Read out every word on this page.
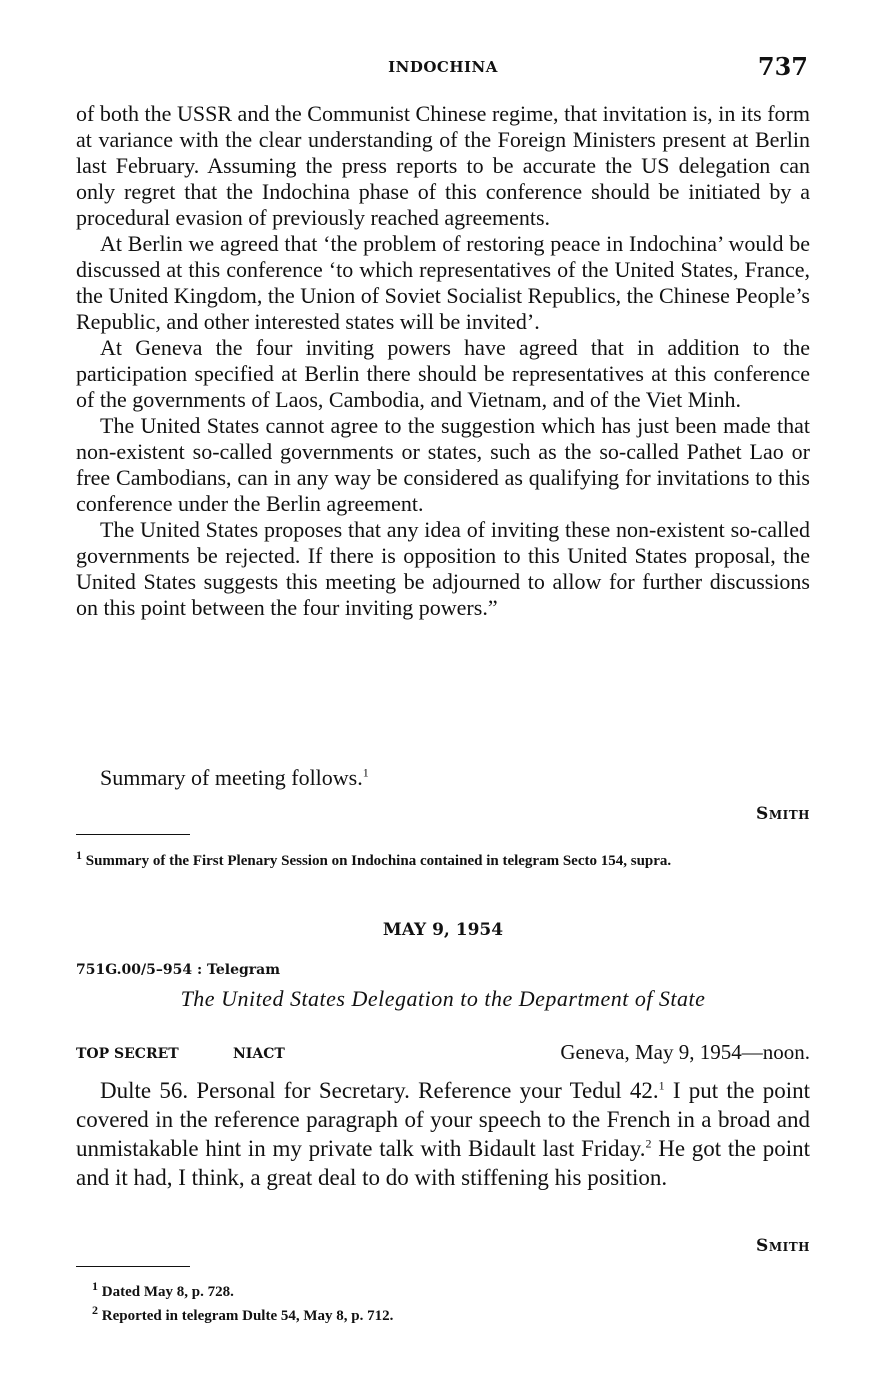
INDOCHINA	737

of both the USSR and the Communist Chinese regime, that invitation is, in its form at variance with the clear understanding of the Foreign Ministers present at Berlin last February. Assuming the press reports to be accurate the US delegation can only regret that the Indochina phase of this conference should be initiated by a procedural evasion of previously reached agreements.

At Berlin we agreed that ‘the problem of restoring peace in Indochina’ would be discussed at this conference ‘to which representatives of the United States, France, the United Kingdom, the Union of Soviet Socialist Republics, the Chinese People’s Republic, and other interested states will be invited’.

At Geneva the four inviting powers have agreed that in addition to the participation specified at Berlin there should be representatives at this conference of the governments of Laos, Cambodia, and Vietnam, and of the Viet Minh.

The United States cannot agree to the suggestion which has just been made that non-existent so-called governments or states, such as the so-called Pathet Lao or free Cambodians, can in any way be considered as qualifying for invitations to this conference under the Berlin agreement.

The United States proposes that any idea of inviting these non-existent so-called governments be rejected. If there is opposition to this United States proposal, the United States suggests this meeting be adjourned to allow for further discussions on this point between the four inviting powers.”

Summary of meeting follows.$^1$
Smith
$^1$ Summary of the First Plenary Session on Indochina contained in telegram Secto 154, supra.
MAY 9, 1954
751G.00/5–954 : Telegram
The United States Delegation to the Department of State
TOP SECRET	NIACT	Geneva, May 9, 1954—noon.

Dulte 56. Personal for Secretary. Reference your Tedul 42.$^1$ I put the point covered in the reference paragraph of your speech to the French in a broad and unmistakable hint in my private talk with Bidault last Friday.$^2$ He got the point and it had, I think, a great deal to do with stiffening his position.

Smith
$^1$ Dated May 8, p. 728.
$^2$ Reported in telegram Dulte 54, May 8, p. 712.
